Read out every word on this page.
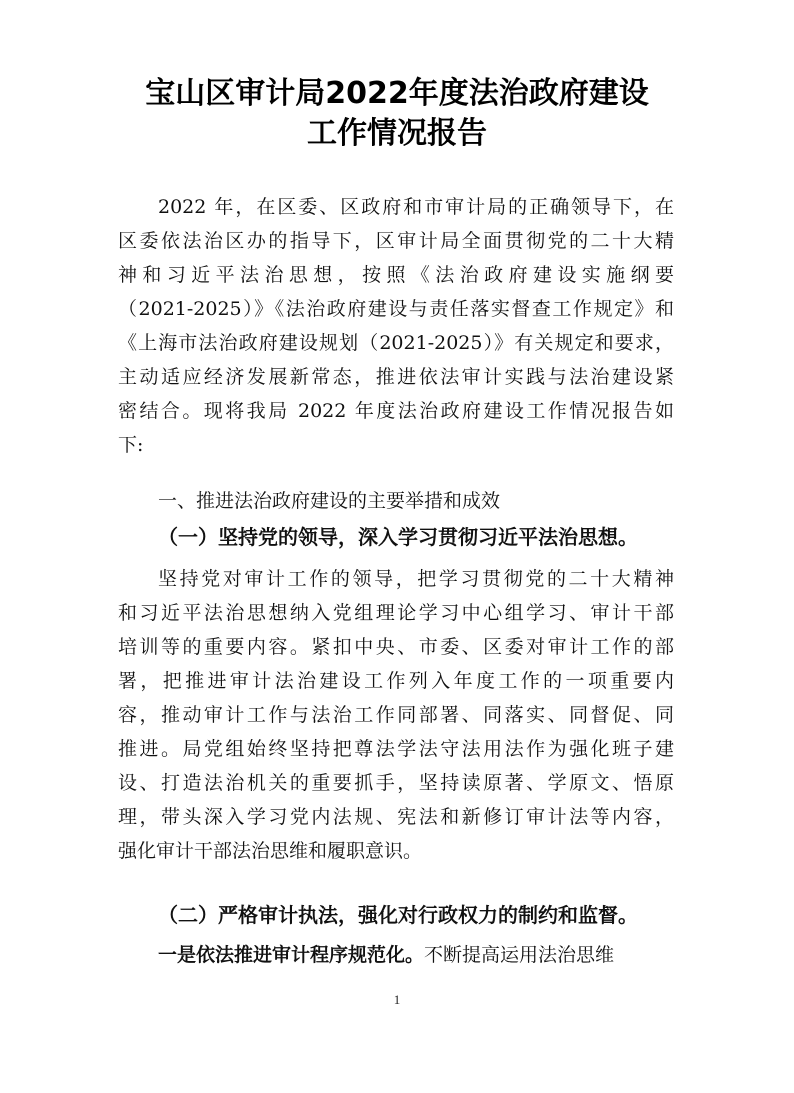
宝山区审计局2022年度法治政府建设
工作情况报告
2022 年，在区委、区政府和市审计局的正确领导下，在
区委依法治区办的指导下，区审计局全面贯彻党的二十大精
神和习近平法治思想，按照《法治政府建设实施纲要
（2021-2025）》《法治政府建设与责任落实督查工作规定》和
《上海市法治政府建设规划（2021-2025）》有关规定和要求，
主动适应经济发展新常态，推进依法审计实践与法治建设紧
密结合。现将我局 2022 年度法治政府建设工作情况报告如
下:
一、推进法治政府建设的主要举措和成效
（一）坚持党的领导，深入学习贯彻习近平法治思想。
坚持党对审计工作的领导，把学习贯彻党的二十大精神
和习近平法治思想纳入党组理论学习中心组学习、审计干部
培训等的重要内容。紧扣中央、市委、区委对审计工作的部
署，把推进审计法治建设工作列入年度工作的一项重要内
容，推动审计工作与法治工作同部署、同落实、同督促、同
推进。局党组始终坚持把尊法学法守法用法作为强化班子建
设、打造法治机关的重要抓手，坚持读原著、学原文、悟原
理，带头深入学习党内法规、宪法和新修订审计法等内容，
强化审计干部法治思维和履职意识。
（二）严格审计执法，强化对行政权力的制约和监督。
一是依法推进审计程序规范化。不断提高运用法治思维
1
